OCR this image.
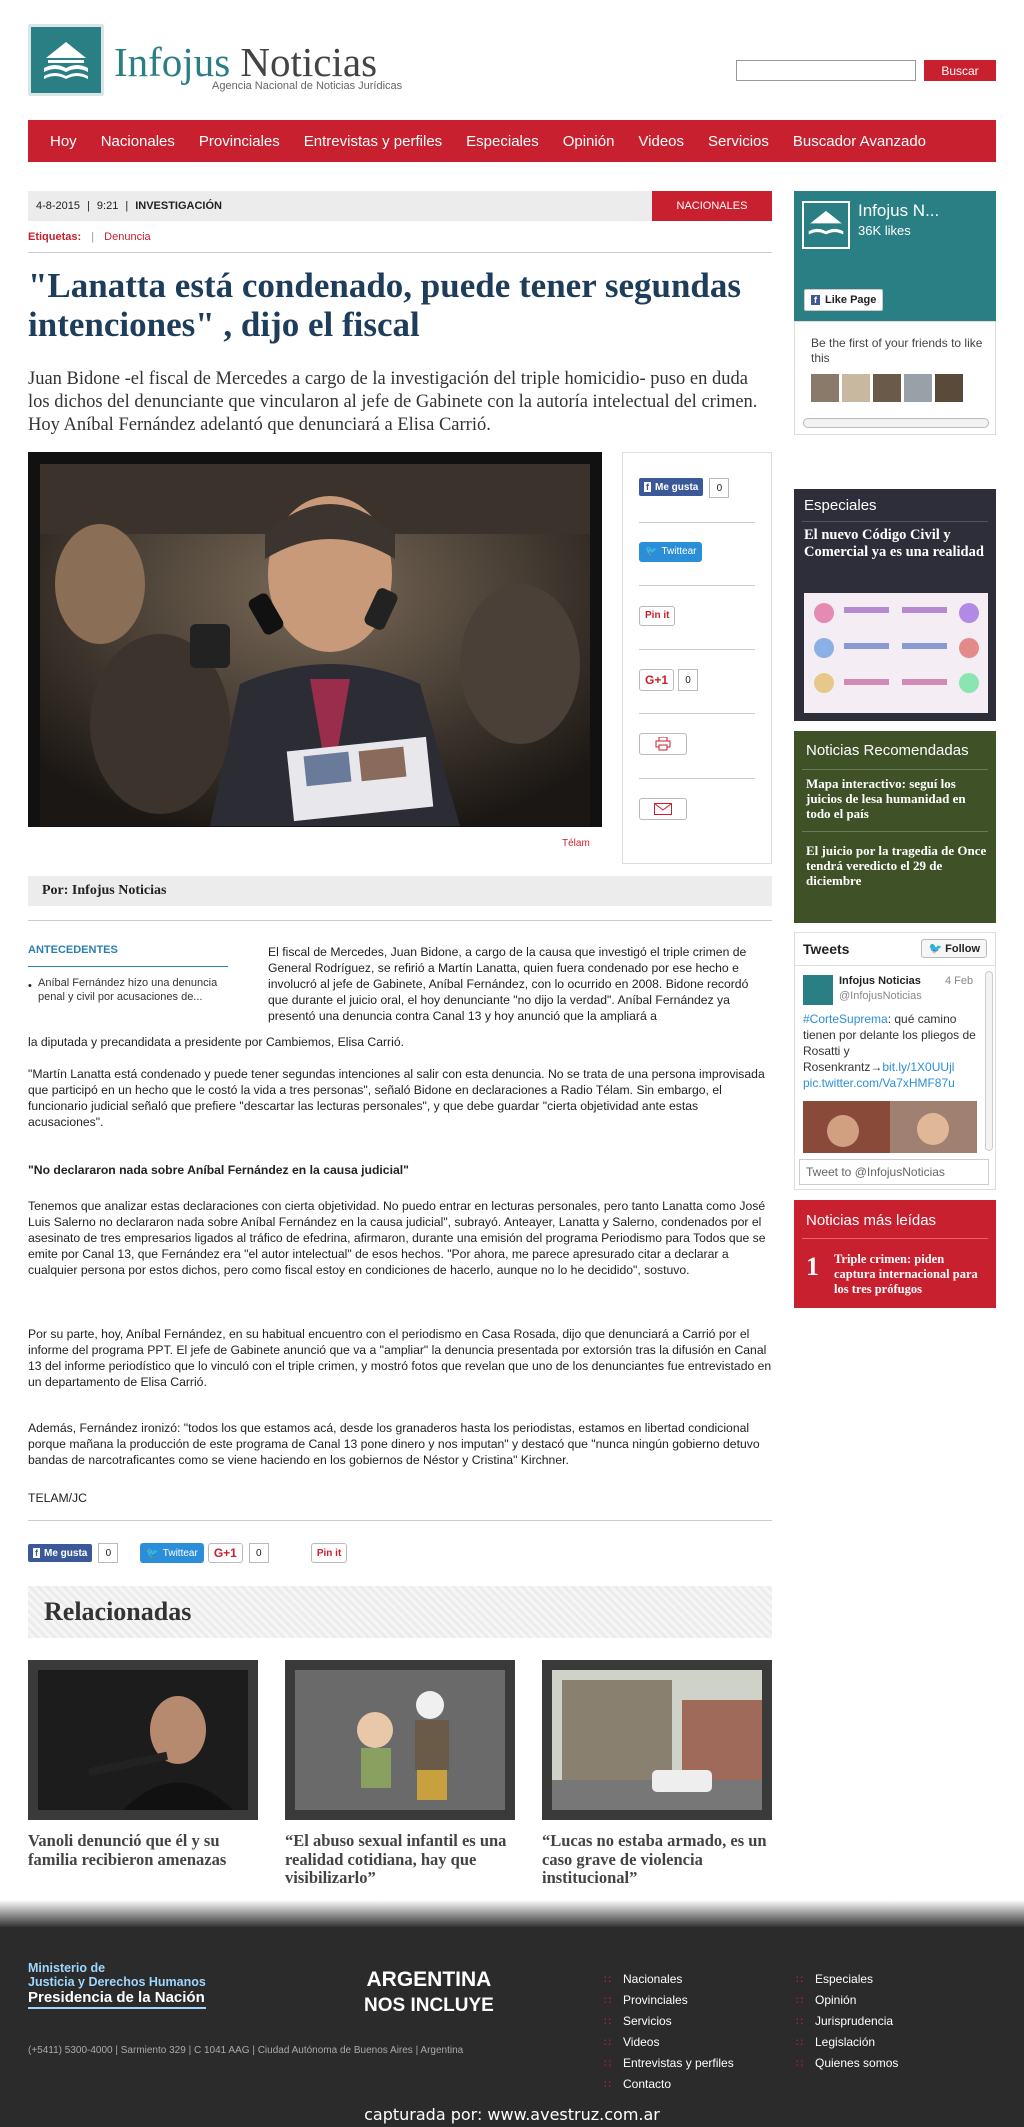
Infojus Noticias
Agencia Nacional de Noticias Jurídicas
Buscar
Hoy Nacionales Provinciales Entrevistas y perfiles Especiales Opinión Videos Servicios Buscador Avanzado
4-8-2015 | 9:21 | INVESTIGACIÓN	NACIONALES
Etiquetas: | Denuncia
"Lanatta está condenado, puede tener segundas intenciones" , dijo el fiscal

Juan Bidone -el fiscal de Mercedes a cargo de la investigación del triple homicidio- puso en duda los dichos del denunciante que vincularon al jefe de Gabinete con la autoría intelectual del crimen. Hoy Aníbal Fernández adelantó que denunciará a Elisa Carrió.

El jefe de Gabinete muestra fotos que demuestran que la entrevista se filmó en un departamento de Carrió Télam
f Me gusta	0
🐦 Twittear
Pin it
G+1	0
Por: Infojus Noticias
ANTECEDENTES
• Aníbal Fernández hizo una denuncia penal y civil por acusaciones de...
El fiscal de Mercedes, Juan Bidone, a cargo de la causa que investigó el triple crimen de General Rodríguez, se refirió a Martín Lanatta, quien fuera condenado por ese hecho e involucró al jefe de Gabinete, Aníbal Fernández, con lo ocurrido en 2008. Bidone recordó que durante el juicio oral, el hoy denunciante "no dijo la verdad". Aníbal Fernández ya presentó una denuncia contra Canal 13 y hoy anunció que la ampliará a
la diputada y precandidata a presidente por Cambiemos, Elisa Carrió.

"Martín Lanatta está condenado y puede tener segundas intenciones al salir con esta denuncia. No se trata de una persona improvisada que participó en un hecho que le costó la vida a tres personas", señaló Bidone en declaraciones a Radio Télam. Sin embargo, el funcionario judicial señaló que prefiere "descartar las lecturas personales", y que debe guardar "cierta objetividad ante estas acusaciones".

"No declararon nada sobre Aníbal Fernández en la causa judicial"

Tenemos que analizar estas declaraciones con cierta objetividad. No puedo entrar en lecturas personales, pero tanto Lanatta como José Luis Salerno no declararon nada sobre Aníbal Fernández en la causa judicial", subrayó. Anteayer, Lanatta y Salerno, condenados por el asesinato de tres empresarios ligados al tráfico de efedrina, afirmaron, durante una emisión del programa Periodismo para Todos que se emite por Canal 13, que Fernández era "el autor intelectual" de esos hechos. "Por ahora, me parece apresurado citar a declarar a cualquier persona por estos dichos, pero como fiscal estoy en condiciones de hacerlo, aunque no lo he decidido", sostuvo.

Por su parte, hoy, Aníbal Fernández, en su habitual encuentro con el periodismo en Casa Rosada, dijo que denunciará a Carrió por el informe del programa PPT. El jefe de Gabinete anunció que va a "ampliar" la denuncia presentada por extorsión tras la difusión en Canal 13 del informe periodístico que lo vinculó con el triple crimen, y mostró fotos que revelan que uno de los denunciantes fue entrevistado en un departamento de Elisa Carrió.

Además, Fernández ironizó: "todos los que estamos acá, desde los granaderos hasta los periodistas, estamos en libertad condicional porque mañana la producción de este programa de Canal 13 pone dinero y nos imputan" y destacó que "nunca ningún gobierno detuvo bandas de narcotraficantes como se viene haciendo en los gobiernos de Néstor y Cristina" Kirchner.

TELAM/JC

f Me gusta	0	🐦 Twittear	G+1	0	Pin it
Relacionadas
Vanoli denunció que él y su familia recibieron amenazas
“El abuso sexual infantil es una realidad cotidiana, hay que visibilizarlo”
“Lucas no estaba armado, es un caso grave de violencia institucional”
Infojus N...
36K likes
f Like Page
Be the first of your friends to like this
Especiales
El nuevo Código Civil y Comercial ya es una realidad
Noticias Recomendadas
Mapa interactivo: seguí los juicios de lesa humanidad en todo el país
El juicio por la tragedia de Once tendrá veredicto el 29 de diciembre
Tweets	🐦 Follow
Infojus Noticias
@InfojusNoticias
4 Feb
#CorteSuprema: qué camino tienen por delante los pliegos de Rosatti y Rosenkrantz→bit.ly/1X0UUjl pic.twitter.com/Va7xHMF87u
Tweet to @InfojusNoticias
Noticias más leídas
1 Triple crimen: piden captura internacional para los tres prófugos
Ministerio de
Justicia y Derechos Humanos
Presidencia de la Nación
ARGENTINA
NOS INCLUYE
(+5411) 5300-4000 | Sarmiento 329 | C 1041 AAG | Ciudad Autónoma de Buenos Aires | Argentina
∷ Nacionales
∷ Provinciales
∷ Servicios
∷ Videos
∷ Entrevistas y perfiles
∷ Contacto
∷ Especiales
∷ Opinión
∷ Jurisprudencia
∷ Legislación
∷ Quienes somos
capturada por: www.avestruz.com.ar
